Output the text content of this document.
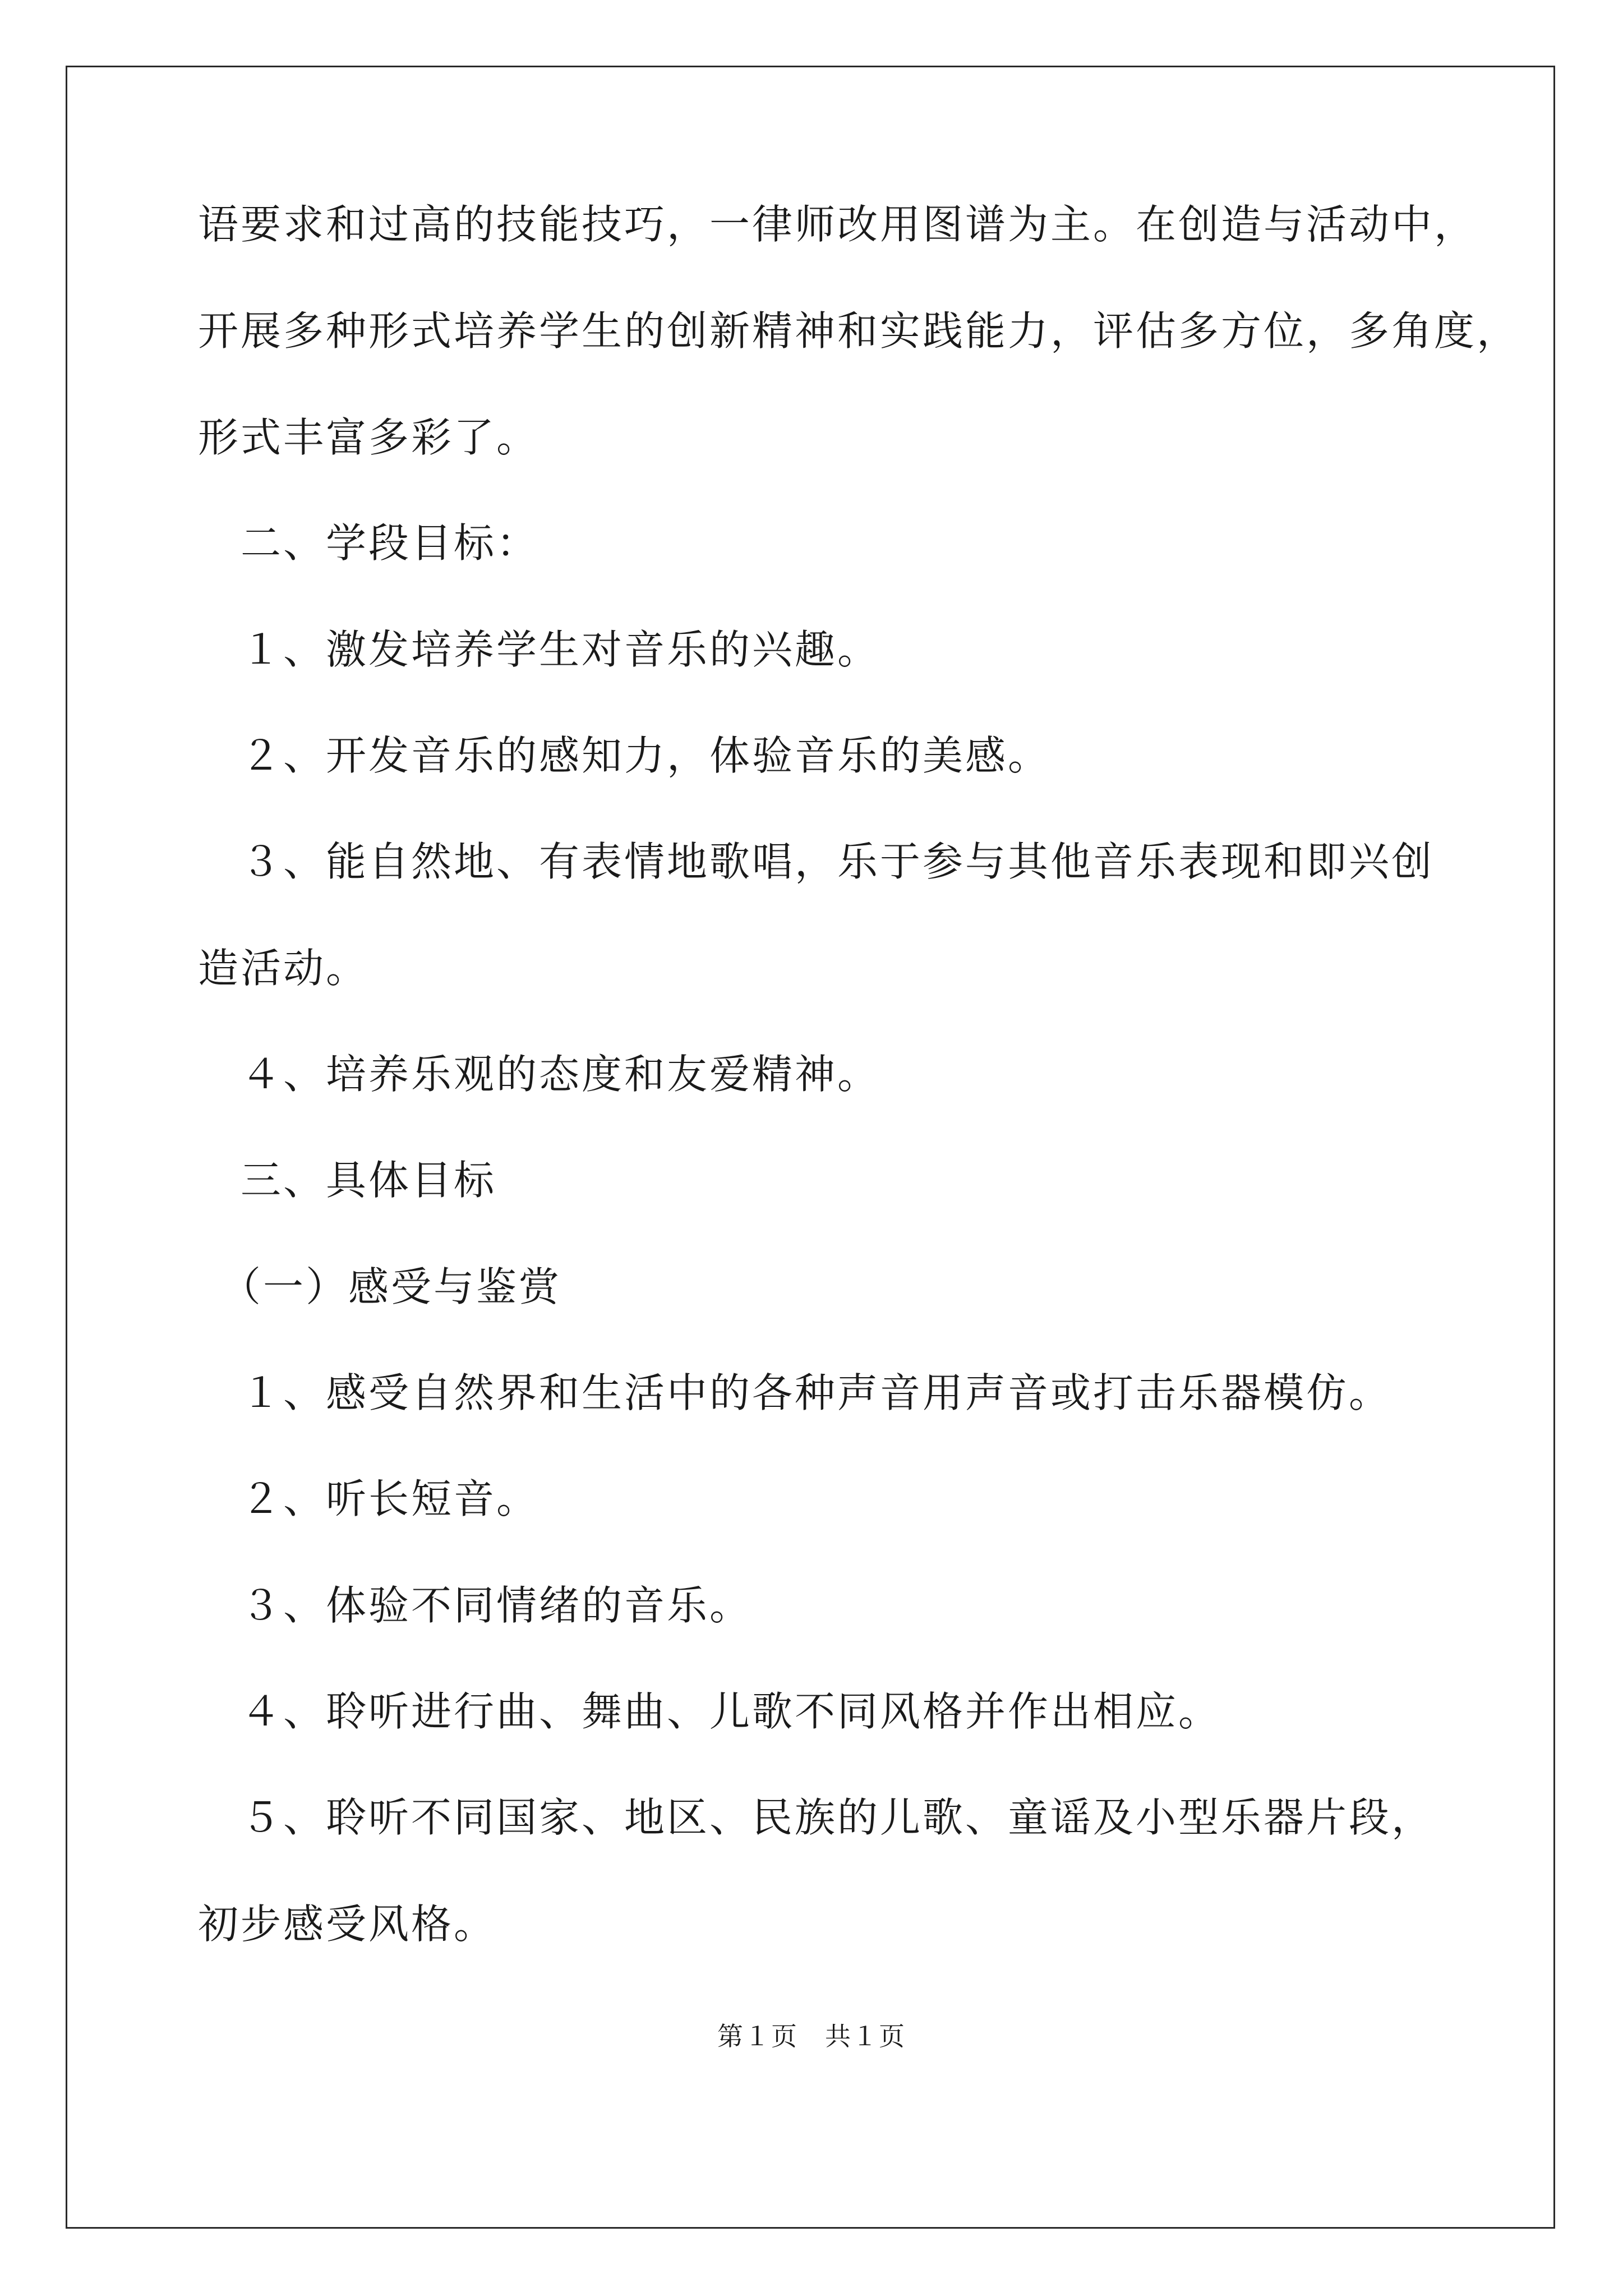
语要求和过高的技能技巧，一律师改用图谱为主。在创造与活动中，
开展多种形式培养学生的创新精神和实践能力，评估多方位，多角度，
形式丰富多彩了。
　二、学段目标：
　１、激发培养学生对音乐的兴趣。
　２、开发音乐的感知力，体验音乐的美感。
　３、能自然地、有表情地歌唱，乐于参与其他音乐表现和即兴创
造活动。
　４、培养乐观的态度和友爱精神。
　三、具体目标
　（一）感受与鉴赏
　１、感受自然界和生活中的各种声音用声音或打击乐器模仿。
　２、听长短音。
　３、体验不同情绪的音乐。
　４、聆听进行曲、舞曲、儿歌不同风格并作出相应。
　５、聆听不同国家、地区、民族的儿歌、童谣及小型乐器片段，
初步感受风格。
第１页　共１页
